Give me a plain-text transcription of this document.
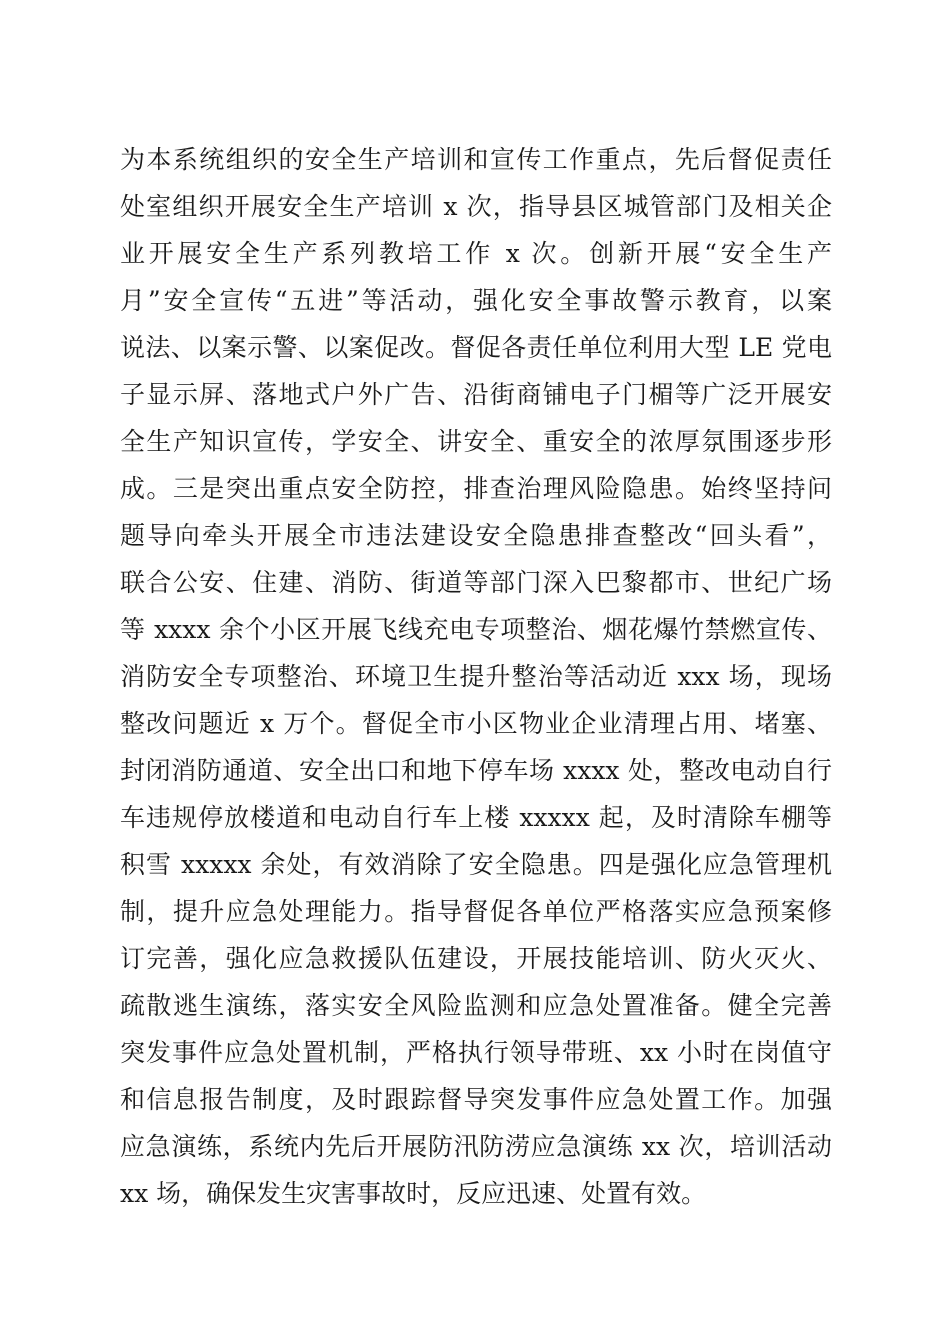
为本系统组织的安全生产培训和宣传工作重点，先后督促责任
处室组织开展安全生产培训 x 次，指导县区城管部门及相关企
业开展安全生产系列教培工作 x 次。创新开展“安全生产
月”安全宣传“五进”等活动，强化安全事故警示教育，以案
说法、以案示警、以案促改。督促各责任单位利用大型 LE 党电
子显示屏、落地式户外广告、沿街商铺电子门楣等广泛开展安
全生产知识宣传，学安全、讲安全、重安全的浓厚氛围逐步形
成。三是突出重点安全防控，排查治理风险隐患。始终坚持问
题导向牵头开展全市违法建设安全隐患排查整改“回头看”，
联合公安、住建、消防、街道等部门深入巴黎都市、世纪广场
等 xxxx 余个小区开展飞线充电专项整治、烟花爆竹禁燃宣传、
消防安全专项整治、环境卫生提升整治等活动近 xxx 场，现场
整改问题近 x 万个。督促全市小区物业企业清理占用、堵塞、
封闭消防通道、安全出口和地下停车场 xxxx 处，整改电动自行
车违规停放楼道和电动自行车上楼 xxxxx 起，及时清除车棚等
积雪 xxxxx 余处，有效消除了安全隐患。四是强化应急管理机
制，提升应急处理能力。指导督促各单位严格落实应急预案修
订完善，强化应急救援队伍建设，开展技能培训、防火灭火、
疏散逃生演练，落实安全风险监测和应急处置准备。健全完善
突发事件应急处置机制，严格执行领导带班、xx 小时在岗值守
和信息报告制度，及时跟踪督导突发事件应急处置工作。加强
应急演练，系统内先后开展防汛防涝应急演练 xx 次，培训活动
xx 场，确保发生灾害事故时，反应迅速、处置有效。
